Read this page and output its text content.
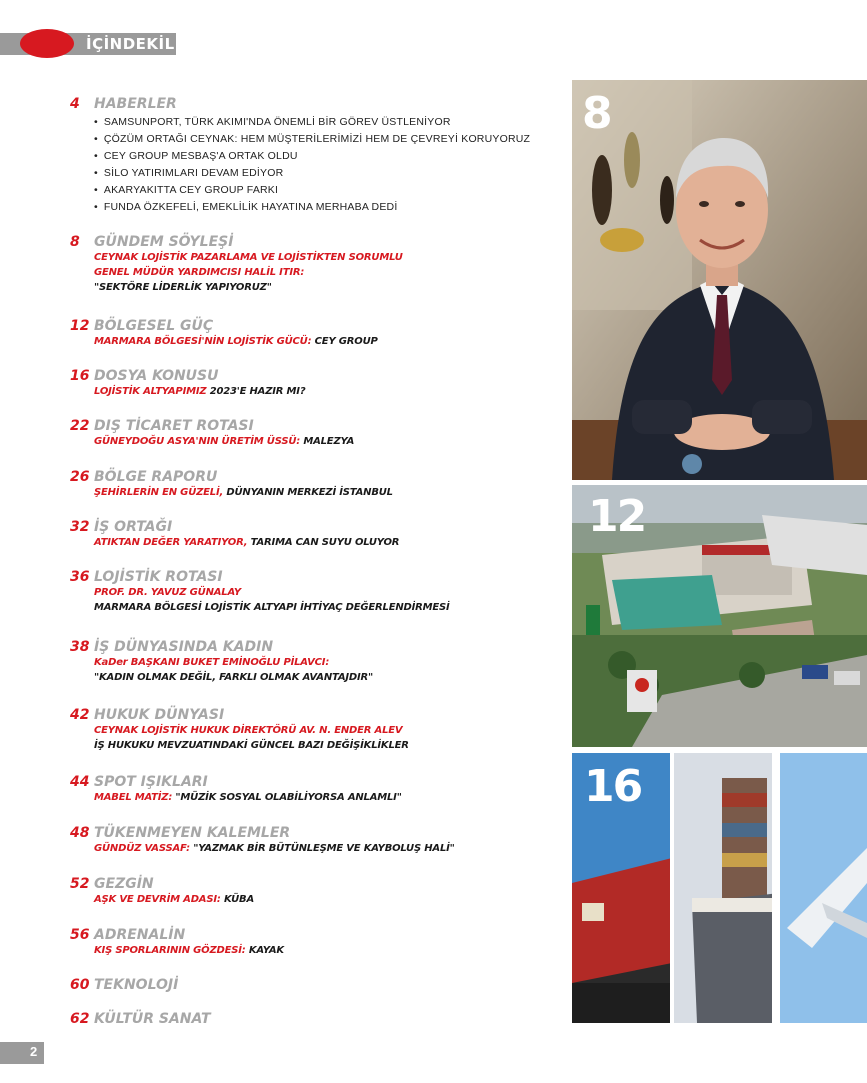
İÇİNDEKİLER
4	HABERLER
• SAMSUNPORT, TÜRK AKIMI'NDA ÖNEMLİ BİR GÖREV ÜSTLENİYOR
• ÇÖZÜM ORTAĞI CEYNAK: HEM MÜŞTERİLERİMİZİ HEM DE ÇEVREYİ KORUYORUZ
• CEY GROUP MESBAŞ'A ORTAK OLDU
• SİLO YATIRIMLARI DEVAM EDİYOR
• AKARYAKITTA CEY GROUP FARKI
• FUNDA ÖZKEFELİ, EMEKLİLİK HAYATINA MERHABA DEDİ
8	GÜNDEM SÖYLEŞİ
CEYNAK LOJİSTİK PAZARLAMA VE LOJİSTİKTEN SORUMLU
GENEL MÜDÜR YARDIMCISI HALİL ITIR:
"SEKTÖRE LİDERLİK YAPIYORUZ"
12 BÖLGESEL GÜÇ
MARMARA BÖLGESİ'NİN LOJİSTİK GÜCÜ: CEY GROUP
16 DOSYA KONUSU
LOJİSTİK ALTYAPIMIZ 2023'E HAZIR MI?
22 DIŞ TİCARET ROTASI
GÜNEYDOĞU ASYA'NIN ÜRETİM ÜSSÜ: MALEZYA
26 BÖLGE RAPORU
ŞEHİRLERİN EN GÜZELİ, DÜNYANIN MERKEZİ İSTANBUL
32 İŞ ORTAĞI
ATIKTAN DEĞER YARATIYOR, TARIMA CAN SUYU OLUYOR
36 LOJİSTİK ROTASI
PROF. DR. YAVUZ GÜNALAY
MARMARA BÖLGESİ LOJİSTİK ALTYAPI İHTİYAÇ DEĞERLENDİRMESİ
38 İŞ DÜNYASINDA KADIN
KaDer BAŞKANI BUKET EMİNOĞLU PİLAVCI:
"KADIN OLMAK DEĞİL, FARKLI OLMAK AVANTAJDIR"
42 HUKUK DÜNYASI
CEYNAK LOJİSTİK HUKUK DİREKTÖRÜ AV. N. ENDER ALEV
İŞ HUKUKU MEVZUATINDAKİ GÜNCEL BAZI DEĞİŞİKLİKLER
44 SPOT IŞIKLARI
MABEL MATİZ: "MÜZİK SOSYAL OLABİLİYORSA ANLAMLI"
48 TÜKENMEYEN KALEMLER
GÜNDÜZ VASSAF: "YAZMAK BİR BÜTÜNLEŞME VE KAYBOLUŞ HALİ"
52 GEZGİN
AŞK VE DEVRİM ADASI: KÜBA
56 ADRENALİN
KIŞ SPORLARININ GÖZDESİ: KAYAK
60 TEKNOLOJİ
62 KÜLTÜR SANAT
8
12
16
2
